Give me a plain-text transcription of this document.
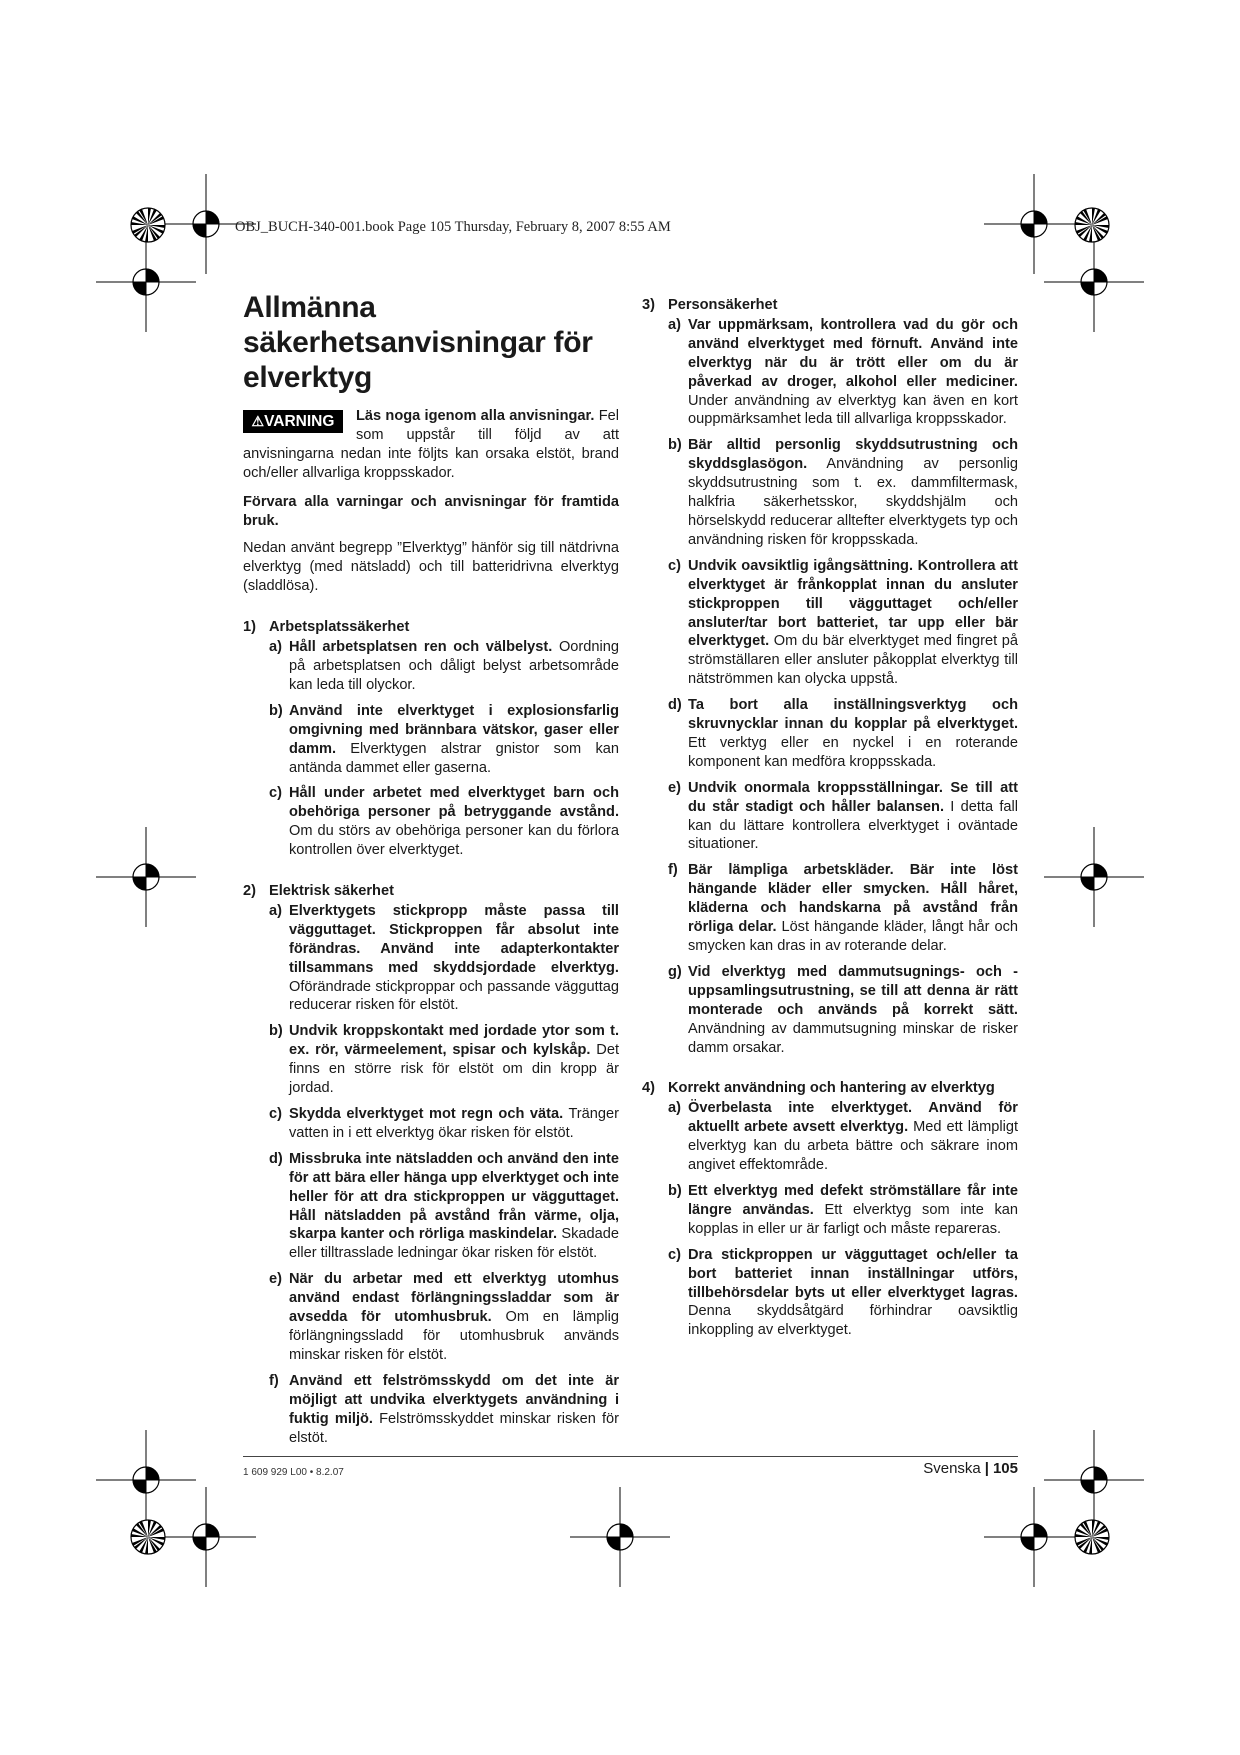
OBJ_BUCH-340-001.book Page 105 Thursday, February 8, 2007 8:55 AM
Allmänna säkerhetsanvisningar för elverktyg
⚠VARNING	Läs noga igenom alla anvisningar. Fel som uppstår till följd av att anvisningarna nedan inte följts kan orsaka elstöt, brand och/eller allvarliga kroppsskador.

Förvara alla varningar och anvisningar för framtida bruk.

Nedan använt begrepp ”Elverktyg” hänför sig till nätdrivna elverktyg (med nätsladd) och till batteridrivna elverktyg (sladdlösa).

1) Arbetsplatssäkerhet
a) Håll arbetsplatsen ren och välbelyst. Oordning på arbetsplatsen och dåligt belyst arbetsområde kan leda till olyckor.

b) Använd inte elverktyget i explosionsfarlig omgivning med brännbara vätskor, gaser eller damm. Elverktygen alstrar gnistor som kan antända dammet eller gaserna.

c) Håll under arbetet med elverktyget barn och obehöriga personer på betryggande avstånd. Om du störs av obehöriga personer kan du förlora kontrollen över elverktyget.

2) Elektrisk säkerhet
a) Elverktygets stickpropp måste passa till vägguttaget. Stickproppen får absolut inte förändras. Använd inte adapterkontakter tillsammans med skyddsjordade elverktyg. Oförändrade stickproppar och passande vägguttag reducerar risken för elstöt.

b) Undvik kroppskontakt med jordade ytor som t. ex. rör, värmeelement, spisar och kylskåp. Det finns en större risk för elstöt om din kropp är jordad.

c) Skydda elverktyget mot regn och väta. Tränger vatten in i ett elverktyg ökar risken för elstöt.

d) Missbruka inte nätsladden och använd den inte för att bära eller hänga upp elverktyget och inte heller för att dra stickproppen ur vägguttaget. Håll nätsladden på avstånd från värme, olja, skarpa kanter och rörliga maskindelar. Skadade eller tilltrasslade ledningar ökar risken för elstöt.

e) När du arbetar med ett elverktyg utomhus använd endast förlängningssladdar som är avsedda för utomhusbruk. Om en lämplig förlängningssladd för utomhusbruk används minskar risken för elstöt.

f) Använd ett felströmsskydd om det inte är möjligt att undvika elverktygets användning i fuktig miljö. Felströmsskyddet minskar risken för elstöt.

3) Personsäkerhet
a) Var uppmärksam, kontrollera vad du gör och använd elverktyget med förnuft. Använd inte elverktyg när du är trött eller om du är påverkad av droger, alkohol eller mediciner. Under användning av elverktyg kan även en kort ouppmärksamhet leda till allvarliga kroppsskador.

b) Bär alltid personlig skyddsutrustning och skyddsglasögon. Användning av personlig skyddsutrustning som t. ex. dammfiltermask, halkfria säkerhetsskor, skyddshjälm och hörselskydd reducerar alltefter elverktygets typ och användning risken för kroppsskada.

c) Undvik oavsiktlig igångsättning. Kontrollera att elverktyget är frånkopplat innan du ansluter stickproppen till vägguttaget och/eller ansluter/tar bort batteriet, tar upp eller bär elverktyget. Om du bär elverktyget med fingret på strömställaren eller ansluter påkopplat elverktyg till nätströmmen kan olycka uppstå.

d) Ta bort alla inställningsverktyg och skruvnycklar innan du kopplar på elverktyget. Ett verktyg eller en nyckel i en roterande komponent kan medföra kroppsskada.

e) Undvik onormala kroppsställningar. Se till att du står stadigt och håller balansen. I detta fall kan du lättare kontrollera elverktyget i oväntade situationer.

f) Bär lämpliga arbetskläder. Bär inte löst hängande kläder eller smycken. Håll håret, kläderna och handskarna på avstånd från rörliga delar. Löst hängande kläder, långt hår och smycken kan dras in av roterande delar.

g) Vid elverktyg med dammutsugnings- och -uppsamlingsutrustning, se till att denna är rätt monterade och används på korrekt sätt. Användning av dammutsugning minskar de risker damm orsakar.

4) Korrekt användning och hantering av elverktyg
a) Överbelasta inte elverktyget. Använd för aktuellt arbete avsett elverktyg. Med ett lämpligt elverktyg kan du arbeta bättre och säkrare inom angivet effektområde.

b) Ett elverktyg med defekt strömställare får inte längre användas. Ett elverktyg som inte kan kopplas in eller ur är farligt och måste repareras.

c) Dra stickproppen ur vägguttaget och/eller ta bort batteriet innan inställningar utförs, tillbehörsdelar byts ut eller elverktyget lagras. Denna skyddsåtgärd förhindrar oavsiktlig inkoppling av elverktyget.

1 609 929 L00 • 8.2.07	Svenska | 105
